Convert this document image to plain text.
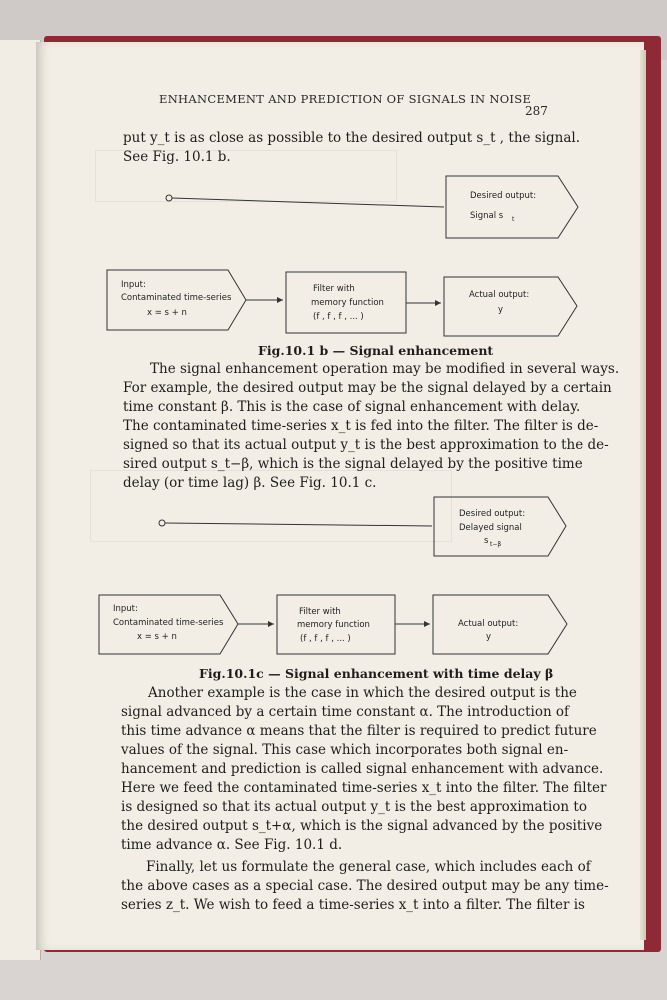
ENHANCEMENT AND PREDICTION OF SIGNALS IN NOISE
287

put y_t is as close as possible to the desired output s_t , the signal.

See Fig. 10.1 b.

Desired output:
Signal s t
Input:
Contaminated time-series
x = s + n
Filter with
memory function
(f , f , f , ... )
Actual output:
y
Fig.10.1 b — Signal enhancement

The signal enhancement operation may be modified in several ways.

For example, the desired output may be the signal delayed by a certain

time constant β. This is the case of signal enhancement with delay.

The contaminated time-series x_t is fed into the filter. The filter is de-

signed so that its actual output y_t is the best approximation to the de-

sired output s_t−β, which is the signal delayed by the positive time

delay (or time lag) β. See Fig. 10.1 c.

Desired output:
Delayed signal
s t−β
Input:
Contaminated time-series
x = s + n
Filter with
memory function
(f , f , f , ... )
Actual output:
y
Fig.10.1c — Signal enhancement with time delay β

Another example is the case in which the desired output is the

signal advanced by a certain time constant α. The introduction of

this time advance α means that the filter is required to predict future

values of the signal. This case which incorporates both signal en-

hancement and prediction is called signal enhancement with advance.

Here we feed the contaminated time-series x_t into the filter. The filter

is designed so that its actual output y_t is the best approximation to

the desired output s_t+α, which is the signal advanced by the positive

time advance α. See Fig. 10.1 d.

Finally, let us formulate the general case, which includes each of

the above cases as a special case. The desired output may be any time-

series z_t. We wish to feed a time-series x_t into a filter. The filter is
